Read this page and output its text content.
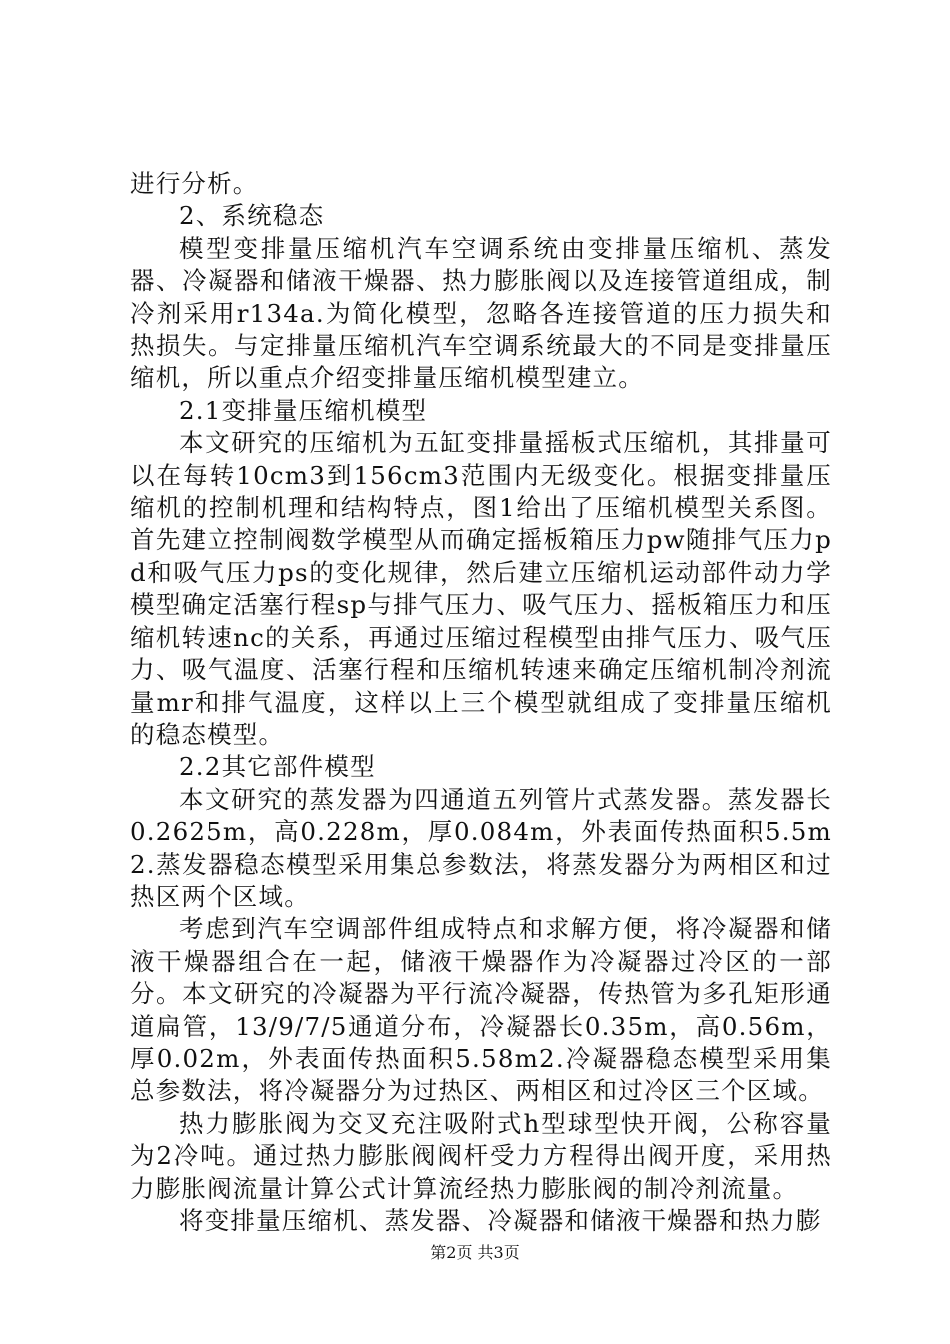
进行分析。

2、系统稳态

模型变排量压缩机汽车空调系统由变排量压缩机、蒸发器、冷凝器和储液干燥器、热力膨胀阀以及连接管道组成，制冷剂采用r134a.为简化模型，忽略各连接管道的压力损失和热损失。与定排量压缩机汽车空调系统最大的不同是变排量压缩机，所以重点介绍变排量压缩机模型建立。

2.1变排量压缩机模型

本文研究的压缩机为五缸变排量摇板式压缩机，其排量可以在每转10cm3到156cm3范围内无级变化。根据变排量压缩机的控制机理和结构特点，图1给出了压缩机模型关系图。首先建立控制阀数学模型从而确定摇板箱压力pw随排气压力pd和吸气压力ps的变化规律，然后建立压缩机运动部件动力学模型确定活塞行程sp与排气压力、吸气压力、摇板箱压力和压缩机转速nc的关系，再通过压缩过程模型由排气压力、吸气压力、吸气温度、活塞行程和压缩机转速来确定压缩机制冷剂流量mr和排气温度，这样以上三个模型就组成了变排量压缩机的稳态模型。

2.2其它部件模型

本文研究的蒸发器为四通道五列管片式蒸发器。蒸发器长0.2625m，高0.228m，厚0.084m，外表面传热面积5.5m2.蒸发器稳态模型采用集总参数法，将蒸发器分为两相区和过热区两个区域。

考虑到汽车空调部件组成特点和求解方便，将冷凝器和储液干燥器组合在一起，储液干燥器作为冷凝器过冷区的一部分。本文研究的冷凝器为平行流冷凝器，传热管为多孔矩形通道扁管，13/9/7/5通道分布，冷凝器长0.35m，高0.56m，厚0.02m，外表面传热面积5.58m2.冷凝器稳态模型采用集总参数法，将冷凝器分为过热区、两相区和过冷区三个区域。

热力膨胀阀为交叉充注吸附式h型球型快开阀，公称容量为2冷吨。通过热力膨胀阀阀杆受力方程得出阀开度，采用热力膨胀阀流量计算公式计算流经热力膨胀阀的制冷剂流量。

将变排量压缩机、蒸发器、冷凝器和储液干燥器和热力膨

第2页 共3页
